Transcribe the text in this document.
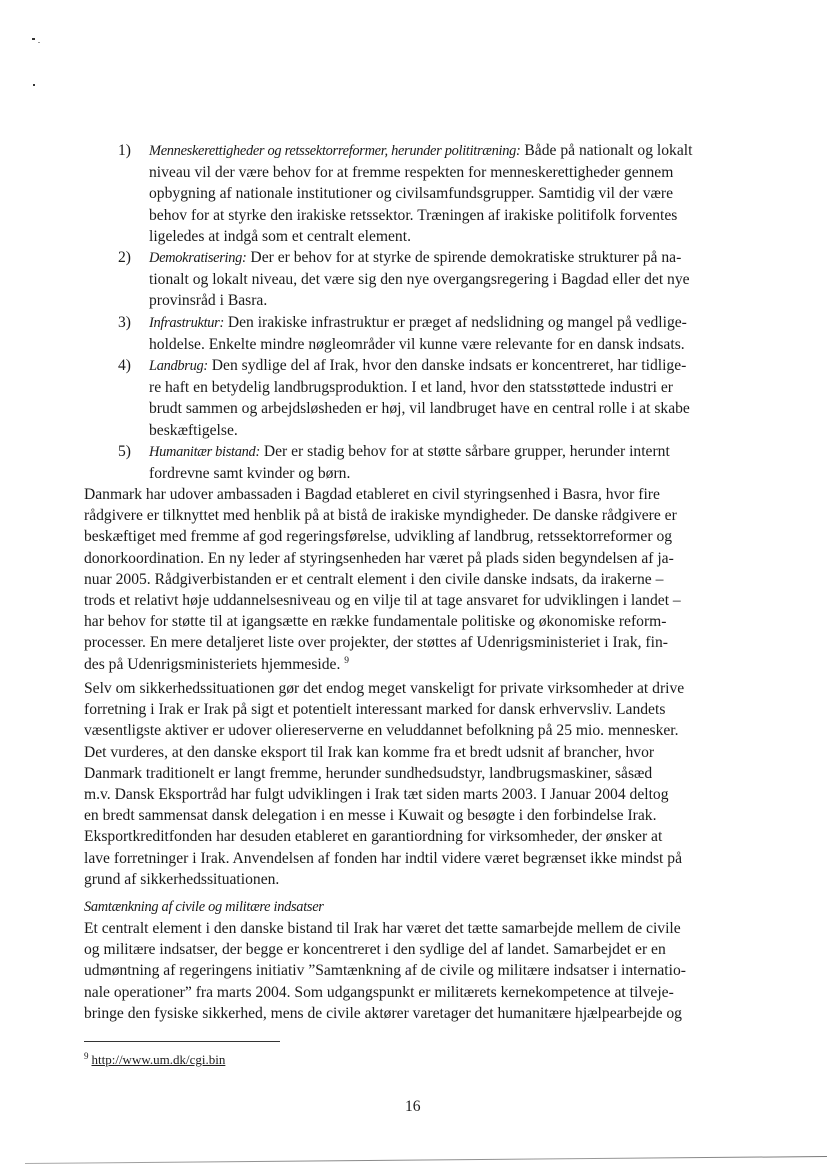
1) Menneskerettigheder og retssektorreformer, herunder polititræning: Både på nationalt og lokalt
niveau vil der være behov for at fremme respekten for menneskerettigheder gennem
opbygning af nationale institutioner og civilsamfundsgrupper. Samtidig vil der være
behov for at styrke den irakiske retssektor. Træningen af irakiske politifolk forventes
ligeledes at indgå som et centralt element.
2) Demokratisering: Der er behov for at styrke de spirende demokratiske strukturer på na-
tionalt og lokalt niveau, det være sig den nye overgangsregering i Bagdad eller det nye
provinsråd i Basra.
3) Infrastruktur: Den irakiske infrastruktur er præget af nedslidning og mangel på vedlige-
holdelse. Enkelte mindre nøgleområder vil kunne være relevante for en dansk indsats.
4) Landbrug: Den sydlige del af Irak, hvor den danske indsats er koncentreret, har tidlige-
re haft en betydelig landbrugsproduktion. I et land, hvor den statsstøttede industri er
brudt sammen og arbejdsløsheden er høj, vil landbruget have en central rolle i at skabe
beskæftigelse.
5) Humanitær bistand: Der er stadig behov for at støtte sårbare grupper, herunder internt
fordrevne samt kvinder og børn.

Danmark har udover ambassaden i Bagdad etableret en civil styringsenhed i Basra, hvor fire
rådgivere er tilknyttet med henblik på at bistå de irakiske myndigheder. De danske rådgivere er
beskæftiget med fremme af god regeringsførelse, udvikling af landbrug, retssektorreformer og
donorkoordination. En ny leder af styringsenheden har været på plads siden begyndelsen af ja-
nuar 2005. Rådgiverbistanden er et centralt element i den civile danske indsats, da irakerne –
trods et relativt høje uddannelsesniveau og en vilje til at tage ansvaret for udviklingen i landet –
har behov for støtte til at igangsætte en række fundamentale politiske og økonomiske reform-
processer. En mere detaljeret liste over projekter, der støttes af Udenrigsministeriet i Irak, fin-
des på Udenrigsministeriets hjemmeside. $^9$

Selv om sikkerhedssituationen gør det endog meget vanskeligt for private virksomheder at drive
forretning i Irak er Irak på sigt et potentielt interessant marked for dansk erhvervsliv. Landets
væsentligste aktiver er udover oliereserverne en veluddannet befolkning på 25 mio. mennesker.
Det vurderes, at den danske eksport til Irak kan komme fra et bredt udsnit af brancher, hvor
Danmark traditionelt er langt fremme, herunder sundhedsudstyr, landbrugsmaskiner, såsæd
m.v. Dansk Eksportråd har fulgt udviklingen i Irak tæt siden marts 2003. I Januar 2004 deltog
en bredt sammensat dansk delegation i en messe i Kuwait og besøgte i den forbindelse Irak.
Eksportkreditfonden har desuden etableret en garantiordning for virksomheder, der ønsker at
lave forretninger i Irak. Anvendelsen af fonden har indtil videre været begrænset ikke mindst på
grund af sikkerhedssituationen.

Samtænkning af civile og militære indsatser

Et centralt element i den danske bistand til Irak har været det tætte samarbejde mellem de civile
og militære indsatser, der begge er koncentreret i den sydlige del af landet. Samarbejdet er en
udmøntning af regeringens initiativ ”Samtænkning af de civile og militære indsatser i internatio-
nale operationer” fra marts 2004. Som udgangspunkt er militærets kernekompetence at tilveje-
bringe den fysiske sikkerhed, mens de civile aktører varetager det humanitære hjælpearbejde og

$^9$ http://www.um.dk/cgi.bin
16
